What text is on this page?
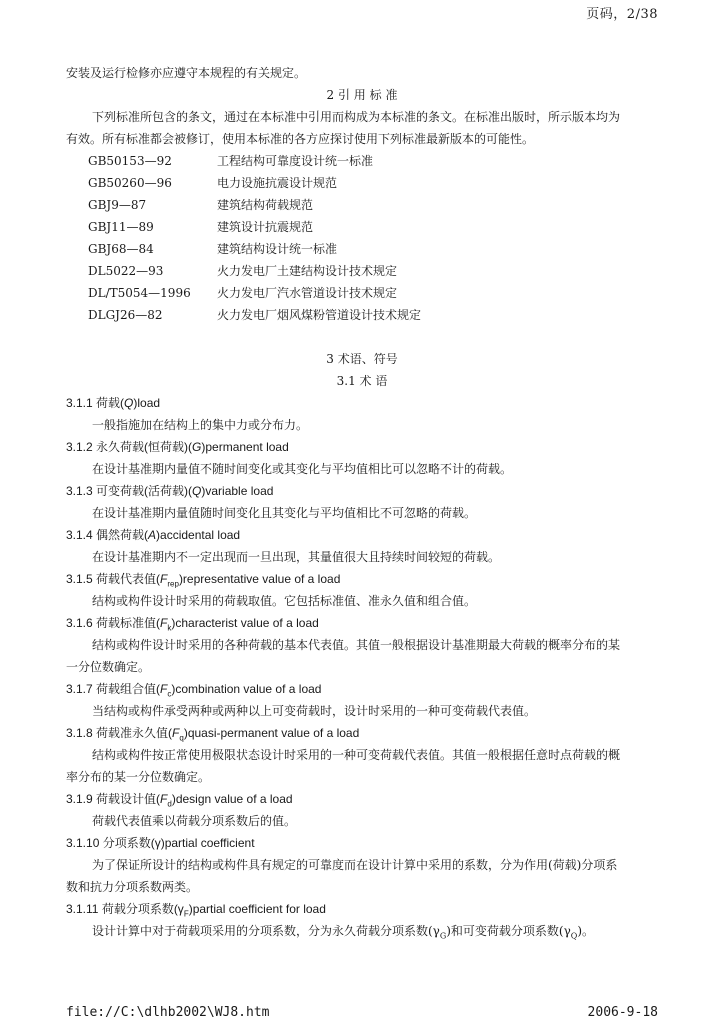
页码，2/38
安装及运行检修亦应遵守本规程的有关规定。
2 引 用 标 准
下列标准所包含的条文，通过在本标准中引用而构成为本标准的条文。在标准出版时，所示版本均为
有效。所有标准都会被修订，使用本标准的各方应探讨使用下列标准最新版本的可能性。
GB50153—92	工程结构可靠度设计统一标准
GB50260—96	电力设施抗震设计规范
GBJ9—87	建筑结构荷载规范
GBJ11—89	建筑设计抗震规范
GBJ68—84	建筑结构设计统一标准
DL5022—93	火力发电厂土建结构设计技术规定
DL/T5054—1996	火力发电厂汽水管道设计技术规定
DLGJ26—82	火力发电厂烟风煤粉管道设计技术规定
3 术语、符号
3.1 术 语
3.1.1 荷载(Q)load
一般指施加在结构上的集中力或分布力。
3.1.2 永久荷载(恒荷载)(G)permanent load
在设计基准期内量值不随时间变化或其变化与平均值相比可以忽略不计的荷载。
3.1.3 可变荷载(活荷载)(Q)variable load
在设计基准期内量值随时间变化且其变化与平均值相比不可忽略的荷载。
3.1.4 偶然荷载(A)accidental load
在设计基准期内不一定出现而一旦出现，其量值很大且持续时间较短的荷载。
3.1.5 荷载代表值$(F_{rep})representative$ value of a load
结构或构件设计时采用的荷载取值。它包括标准值、准永久值和组合值。
3.1.6 荷载标准值$(F_k)characterist$ value of a load
结构或构件设计时采用的各种荷载的基本代表值。其值一般根据设计基准期最大荷载的概率分布的某
一分位数确定。
3.1.7 荷载组合值$(F_c)combination$ value of a load
当结构或构件承受两种或两种以上可变荷载时，设计时采用的一种可变荷载代表值。
3.1.8 荷载准永久值$(F_q)quasi$-permanent value of a load
结构或构件按正常使用极限状态设计时采用的一种可变荷载代表值。其值一般根据任意时点荷载的概
率分布的某一分位数确定。
3.1.9 荷载设计值$(F_d)design$ value of a load
荷载代表值乘以荷载分项系数后的值。
3.1.10 分项系数(γ)partial coefficient
为了保证所设计的结构或构件具有规定的可靠度而在设计计算中采用的系数，分为作用(荷载)分项系
数和抗力分项系数两类。
3.1.11 荷载分项系数$(\gamma_F)partial$ coefficient for load
设计计算中对于荷载项采用的分项系数，分为永久荷载分项系数$(\gamma_G)$和可变荷载分项系数$(\gamma_Q)$。
file://C:\dlhb2002\WJ8.htm	2006-9-18
